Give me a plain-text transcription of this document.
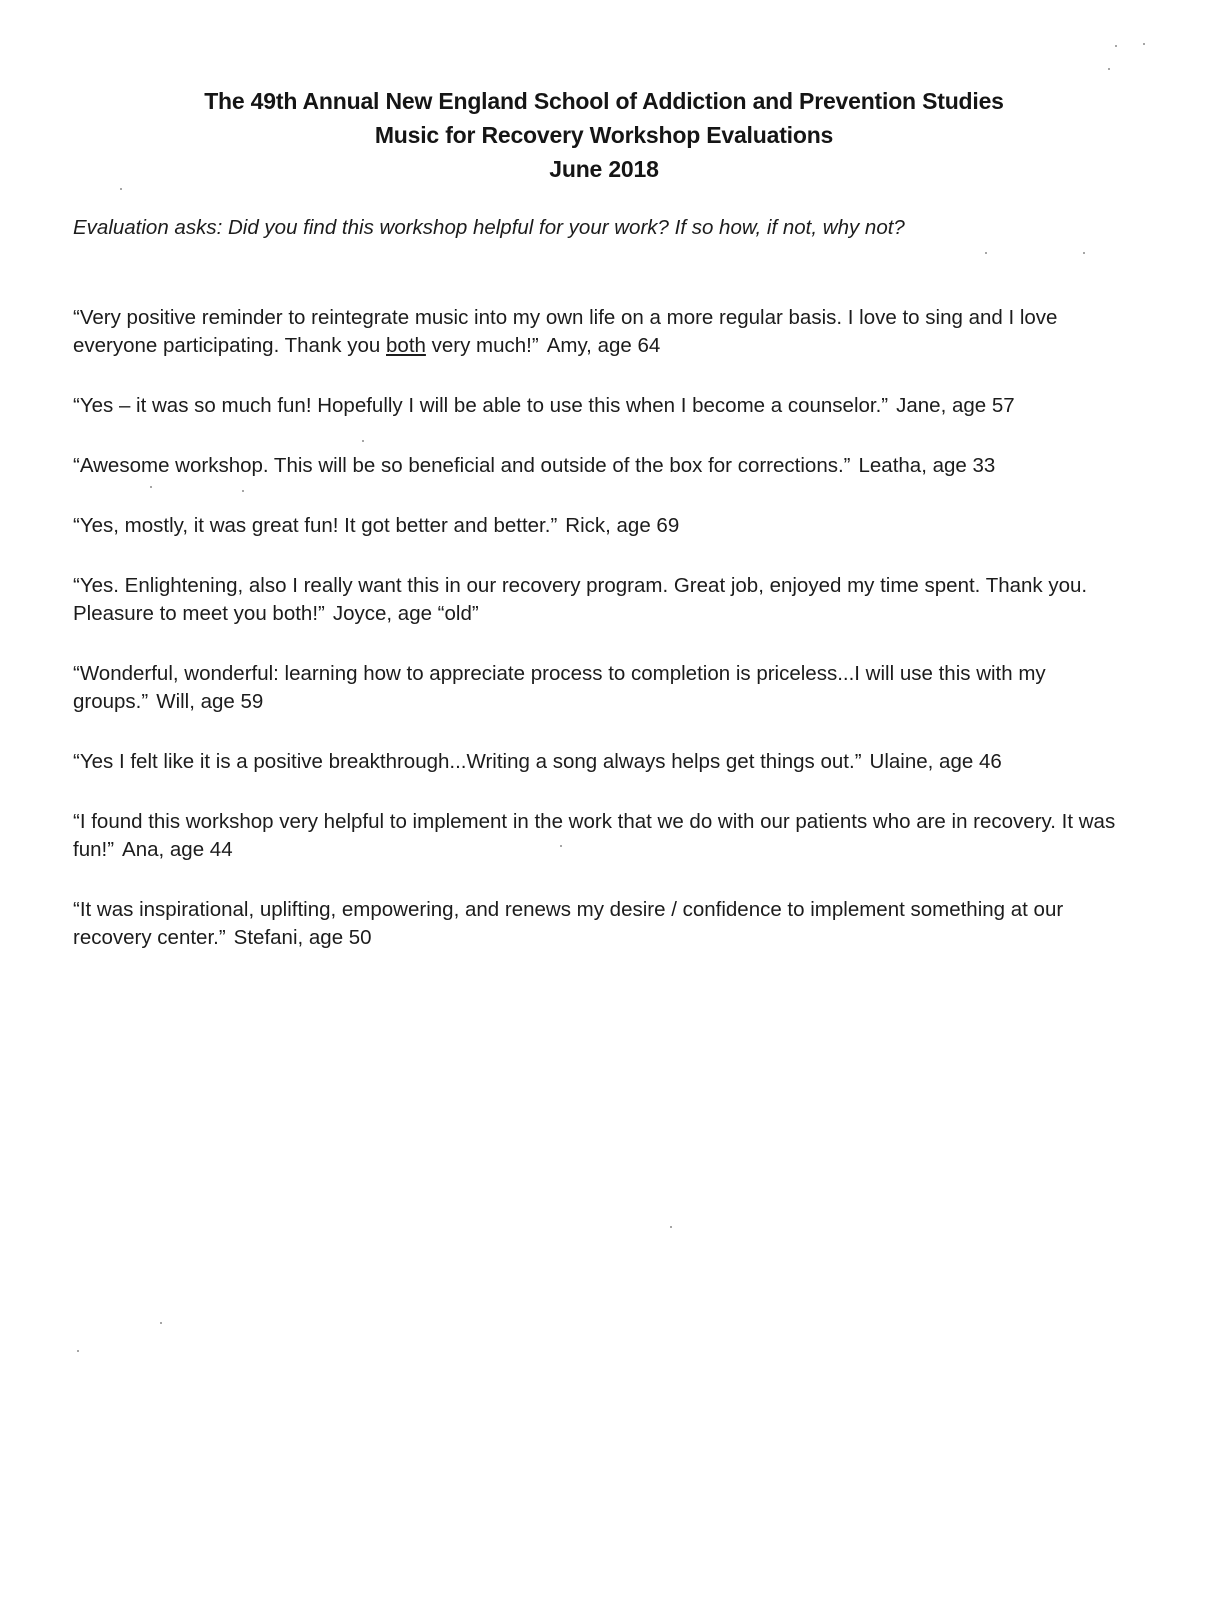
The 49th Annual New England School of Addiction and Prevention Studies
Music for Recovery Workshop Evaluations
June 2018
Evaluation asks: Did you find this workshop helpful for your work? If so how, if not, why not?

“Very positive reminder to reintegrate music into my own life on a more regular basis. I love to sing and I love everyone participating. Thank you both very much!” Amy, age 64

“Yes – it was so much fun! Hopefully I will be able to use this when I become a counselor.” Jane, age 57

“Awesome workshop. This will be so beneficial and outside of the box for corrections.” Leatha, age 33

“Yes, mostly, it was great fun! It got better and better.” Rick, age 69

“Yes. Enlightening, also I really want this in our recovery program. Great job, enjoyed my time spent. Thank you. Pleasure to meet you both!” Joyce, age “old”

“Wonderful, wonderful: learning how to appreciate process to completion is priceless...I will use this with my groups.” Will, age 59

“Yes I felt like it is a positive breakthrough...Writing a song always helps get things out.” Ulaine, age 46

“I found this workshop very helpful to implement in the work that we do with our patients who are in recovery. It was fun!” Ana, age 44

“It was inspirational, uplifting, empowering, and renews my desire / confidence to implement something at our recovery center.” Stefani, age 50
